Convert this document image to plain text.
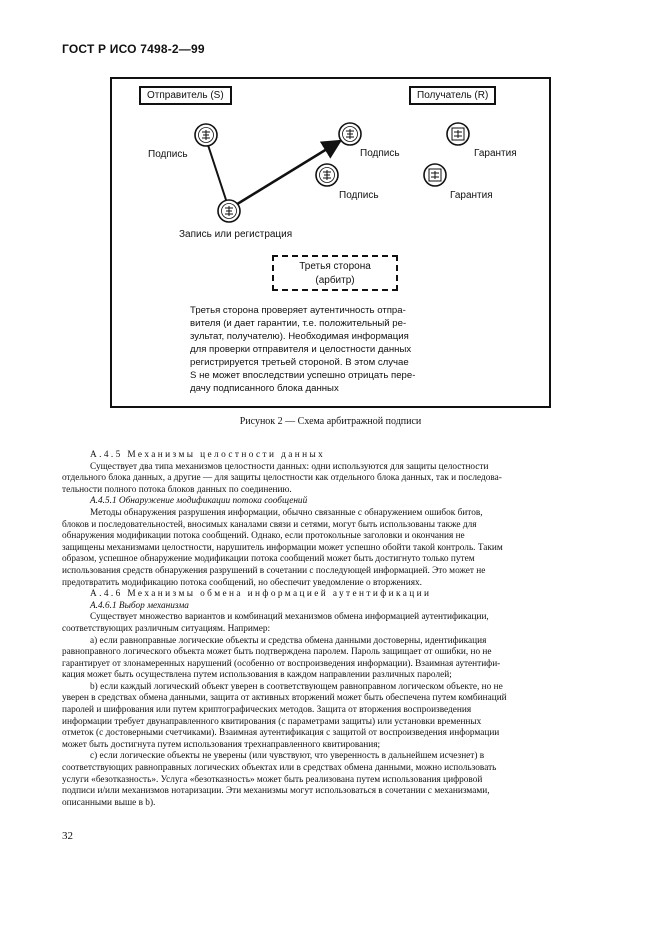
ГОСТ Р ИСО 7498-2—99
Отправитель (S)	Получатель (R)
Подпись	Подпись
Подпись
Гарантия
Гарантия
Запись или регистрация
Третья сторона
(арбитр)
Третья сторона проверяет аутентичность отпра-
вителя (и дает гарантии, т.е. положительный ре-
зультат, получателю). Необходимая информация
для проверки отправителя и целостности данных
регистрируется третьей стороной. В этом случае
S не может впоследствии успешно отрицать пере-
дачу подписанного блока данных
Рисунок 2 — Схема арбитражной подписи
А.4.5 Механизмы целостности данных
Существует два типа механизмов целостности данных: одни используются для защиты целостности
отдельного блока данных, а другие — для защиты целостности как отдельного блока данных, так и последова-
тельности полного потока блоков данных по соединению.
А.4.5.1 Обнаружение модификации потока сообщений
Методы обнаружения разрушения информации, обычно связанные с обнаружением ошибок битов,
блоков и последовательностей, вносимых каналами связи и сетями, могут быть использованы также для
обнаружения модификации потока сообщений. Однако, если протокольные заголовки и окончания не
защищены механизмами целостности, нарушитель информации может успешно обойти такой контроль. Таким
образом, успешное обнаружение модификации потока сообщений может быть достигнуто только путем
использования средств обнаружения разрушений в сочетании с последующей информацией. Это может не
предотвратить модификацию потока сообщений, но обеспечит уведомление о вторжениях.
А.4.6 Механизмы обмена информацией аутентификации
А.4.6.1 Выбор механизма
Существует множество вариантов и комбинаций механизмов обмена информацией аутентификации,
соответствующих различным ситуациям. Например:
а) если равноправные логические объекты и средства обмена данными достоверны, идентификация
равноправного логического объекта может быть подтверждена паролем. Пароль защищает от ошибки, но не
гарантирует от злонамеренных нарушений (особенно от воспроизведения информации). Взаимная аутентифи-
кация может быть осуществлена путем использования в каждом направлении различных паролей;
b) если каждый логический объект уверен в соответствующем равноправном логическом объекте, но не
уверен в средствах обмена данными, защита от активных вторжений может быть обеспечена путем комбинаций
паролей и шифрования или путем криптографических методов. Защита от вторжения воспроизведения
информации требует двунаправленного квитирования (с параметрами защиты) или установки временных
отметок (с достоверными счетчиками). Взаимная аутентификация с защитой от воспроизведения информации
может быть достигнута путем использования трехнаправленного квитирования;
c) если логические объекты не уверены (или чувствуют, что уверенность в дальнейшем исчезнет) в
соответствующих равноправных логических объектах или в средствах обмена данными, можно использовать
услуги «безотказность». Услуга «безотказность» может быть реализована путем использования цифровой
подписи и/или механизмов нотаризации. Эти механизмы могут использоваться в сочетании с механизмами,
описанными выше в b).
32
